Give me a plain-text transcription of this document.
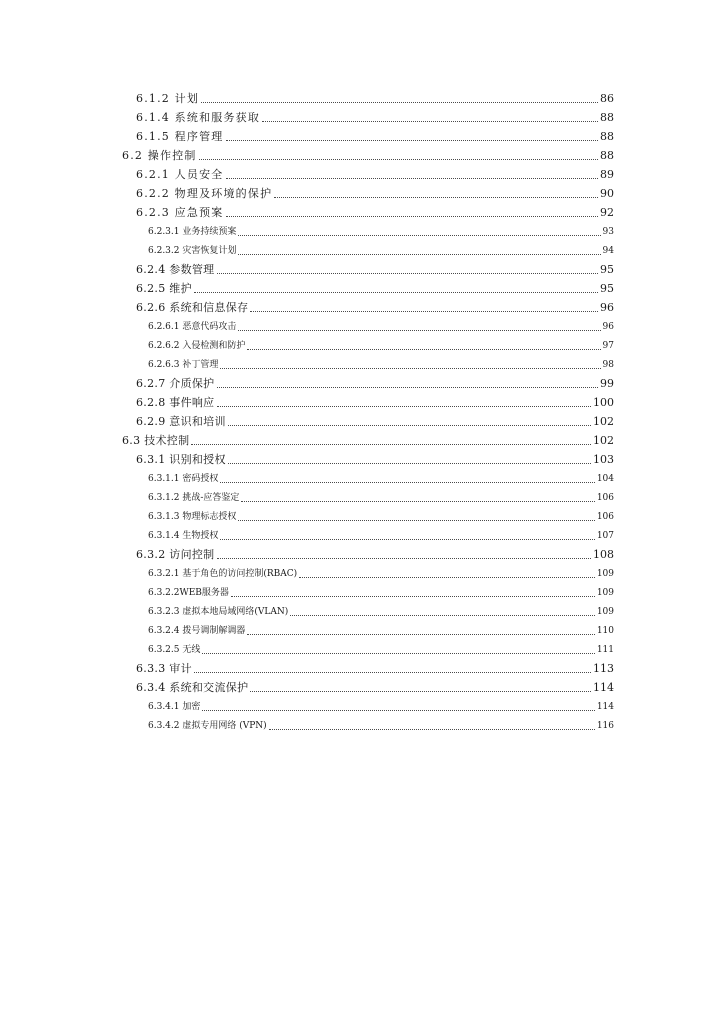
6.1.2 计划	86
6.1.4 系统和服务获取	88
6.1.5 程序管理	88
6.2 操作控制	88
6.2.1 人员安全	89
6.2.2 物理及环境的保护	90
6.2.3 应急预案	92
6.2.3.1 业务持续预案	93
6.2.3.2 灾害恢复计划	94
6.2.4 参数管理	95
6.2.5 维护	95
6.2.6 系统和信息保存	96
6.2.6.1 恶意代码攻击	96
6.2.6.2 入侵检测和防护	97
6.2.6.3 补丁管理	98
6.2.7 介质保护	99
6.2.8 事件响应	100
6.2.9 意识和培训	102
6.3 技术控制	102
6.3.1 识别和授权	103
6.3.1.1 密码授权	104
6.3.1.2 挑战-应答鉴定	106
6.3.1.3 物理标志授权	106
6.3.1.4 生物授权	107
6.3.2 访问控制	108
6.3.2.1 基于角色的访问控制(RBAC)	109
6.3.2.2WEB服务器	109
6.3.2.3 虚拟本地局域网络(VLAN)	109
6.3.2.4 拨号调制解调器	110
6.3.2.5 无线	111
6.3.3 审计	113
6.3.4 系统和交流保护	114
6.3.4.1 加密	114
6.3.4.2 虚拟专用网络 (VPN)	116
